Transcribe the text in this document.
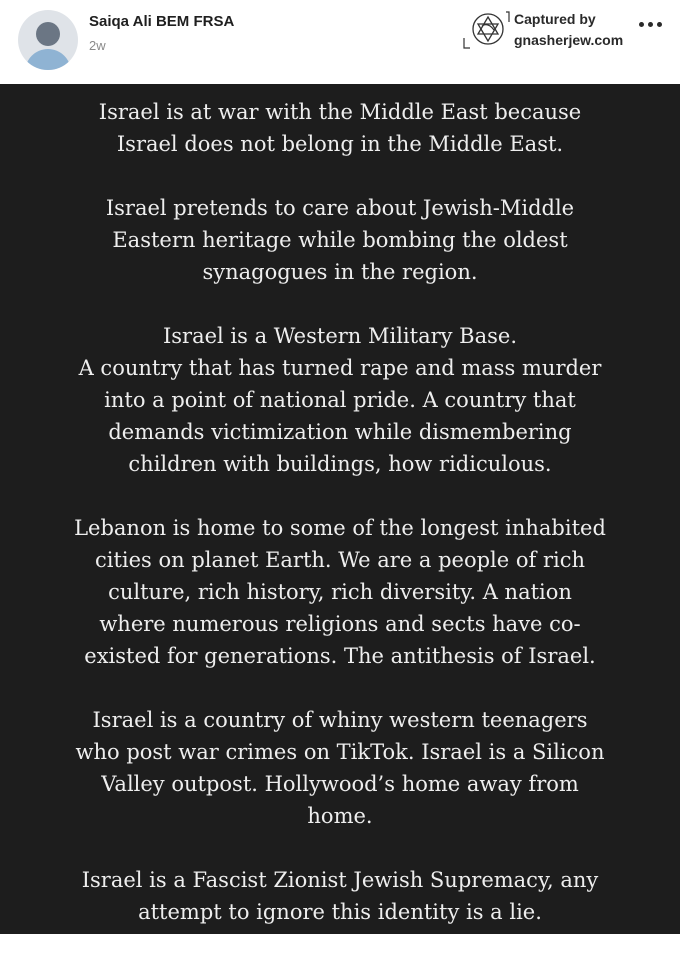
Saiqa Ali BEM FRSA
2w
Captured by
gnasherjew.com

Israel is at war with the Middle East because
Israel does not belong in the Middle East.

Israel pretends to care about Jewish-Middle
Eastern heritage while bombing the oldest
synagogues in the region.

Israel is a Western Military Base.
A country that has turned rape and mass murder
into a point of national pride. A country that
demands victimization while dismembering
children with buildings, how ridiculous.

Lebanon is home to some of the longest inhabited
cities on planet Earth. We are a people of rich
culture, rich history, rich diversity. A nation
where numerous religions and sects have co-
existed for generations. The antithesis of Israel.

Israel is a country of whiny western teenagers
who post war crimes on TikTok. Israel is a Silicon
Valley outpost. Hollywood’s home away from
home.

Israel is a Fascist Zionist Jewish Supremacy, any
attempt to ignore this identity is a lie.
